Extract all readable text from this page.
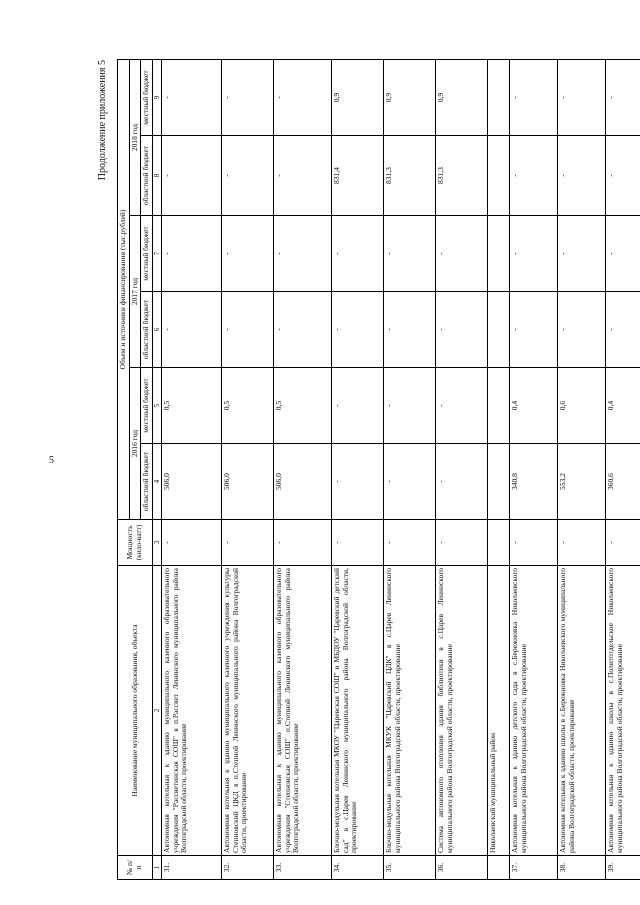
5
Продолжение приложения 5
№ п/п	Наименование муниципального образования, объекта	Мощность (кило-ватт)	Объем и источники финансирования (тыс.рублей)					
			2016 год		2017 год		2018 год	
			областной бюджет	местный бюджет	областной бюджет	местный бюджет	областной бюджет	местный бюджет
1	2	3	4	5	6	7	8	9
31.	Автономная котельная к зданию муниципального казенного образовательного учреждения "Рассветинская СОШ" в п.Рассвет Ленинского муниципального района Волгоградской области, проектирование	-	506,0	0,5	-	-	-	-
32.	Автономная котельная к зданию муниципального казенного учреждения культуры Степновский ЦКД в п.Степной Ленинского муниципального района Волгоградской области, проектирование	-	506,0	0,5	-	-	-	-
33.	Автономная котельная к зданию муниципального казенного образовательного учреждения "Степновская СОШ" п.Степной Ленинского муниципального района Волгоградской области, проектирование	-	506,0	0,5	-	-	-	-
34.	Блочно-модульная котельная МКОУ "Царевская СОШ" и МБДОУ "Царевский детский сад" в с.Царев Ленинского муниципального района Волгоградской области, проектирование	-	-	-	-	-	831,4	0,9
35.	Блочно-модульная котельная МКУК "Царевский ЦДК" в с.Царев Ленинского муниципального района Волгоградской области, проектирование	-	-	-	-	-	831,3	0,9
36.	Система автономного отопления здания библиотеки в с.Царев Ленинского муниципального района Волгоградской области, проектирование	-	-	-	-	-	831,3	0,9
	Николаевский муниципальный район							
37.	Автономная котельная к зданию детского сада в с.Бережновка Николаевского муниципального района Волгоградской области, проектирование	-	340,8	0,4	-	-	-	-
38.	Автономная котельная к зданию школы в с.Бережновка Николаевского муниципального района Волгоградской области, проектирование	-	553,2	0,6	-	-	-	-
39.	Автономная котельная к зданию школы в с.Политотдельское Николаевского муниципального района Волгоградской области, проектирование	-	360,6	0,4	-	-	-	-
